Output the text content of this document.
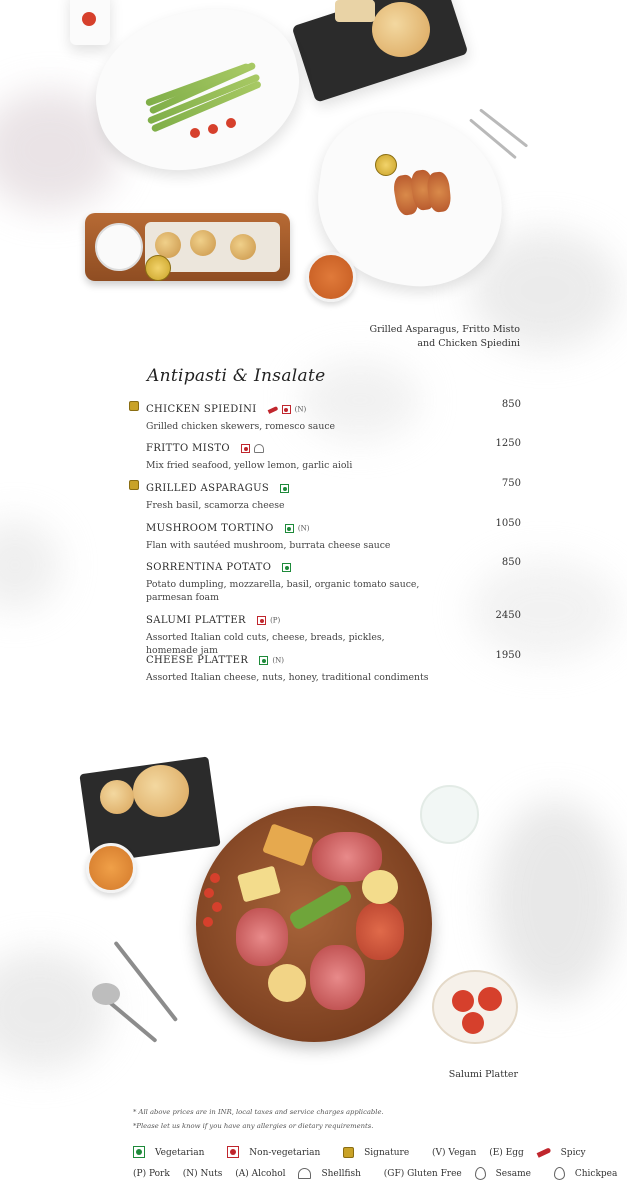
Grilled Asparagus, Fritto Misto
and Chicken Spiedini
Antipasti & Insalate
CHICKEN SPIEDINI	(N)
Grilled chicken skewers, romesco sauce
850
FRITTO MISTO
Mix fried seafood, yellow lemon, garlic aioli
1250
GRILLED ASPARAGUS
Fresh basil, scamorza cheese
750
MUSHROOM TORTINO	(N)
Flan with sautéed mushroom, burrata cheese sauce
1050
SORRENTINA POTATO
Potato dumpling, mozzarella, basil, organic tomato sauce, parmesan foam
850
SALUMI PLATTER	(P)
Assorted Italian cold cuts, cheese, breads, pickles, homemade jam
2450
CHEESE PLATTER	(N)
Assorted Italian cheese, nuts, honey, traditional condiments
1950
Salumi Platter
* All above prices are in INR, local taxes and service charges applicable.
*Please let us know if you have any allergies or dietary requirements.
Vegetarian	Non-vegetarian	Signature	(V) Vegan (E) Egg	Spicy
(P) Pork (N) Nuts (A) Alcohol	Shellfish	(GF) Gluten Free	Sesame	Chickpea
